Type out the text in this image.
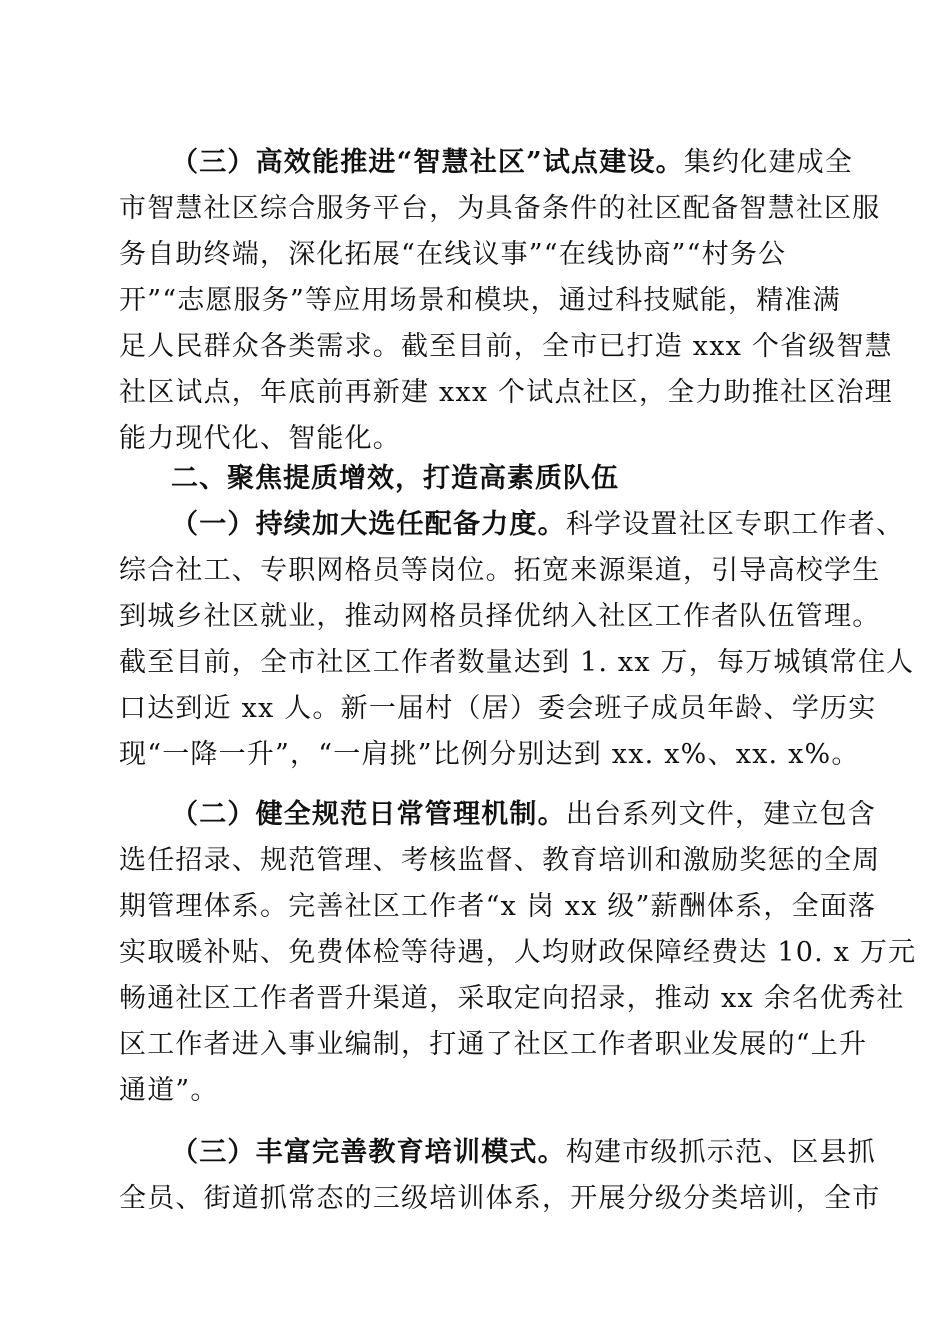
（三）高效能推进“智慧社区”试点建设。集约化建成全
市智慧社区综合服务平台，为具备条件的社区配备智慧社区服
务自助终端，深化拓展“在线议事”“在线协商”“村务公
开”“志愿服务”等应用场景和模块，通过科技赋能，精准满
足人民群众各类需求。截至目前，全市已打造 xxx 个省级智慧
社区试点，年底前再新建 xxx 个试点社区，全力助推社区治理
能力现代化、智能化。
二、聚焦提质增效，打造高素质队伍
（一）持续加大选任配备力度。科学设置社区专职工作者、
综合社工、专职网格员等岗位。拓宽来源渠道，引导高校学生
到城乡社区就业，推动网格员择优纳入社区工作者队伍管理。
截至目前，全市社区工作者数量达到 1. xx 万，每万城镇常住人
口达到近 xx 人。新一届村（居）委会班子成员年龄、学历实
现“一降一升”，“一肩挑”比例分别达到 xx. x%、xx. x%。
（二）健全规范日常管理机制。出台系列文件，建立包含
选任招录、规范管理、考核监督、教育培训和激励奖惩的全周
期管理体系。完善社区工作者“x 岗 xx 级”薪酬体系，全面落
实取暖补贴、免费体检等待遇，人均财政保障经费达 10. x 万元
畅通社区工作者晋升渠道，采取定向招录，推动 xx 余名优秀社
区工作者进入事业编制，打通了社区工作者职业发展的“上升
通道”。
（三）丰富完善教育培训模式。构建市级抓示范、区县抓
全员、街道抓常态的三级培训体系，开展分级分类培训，全市
